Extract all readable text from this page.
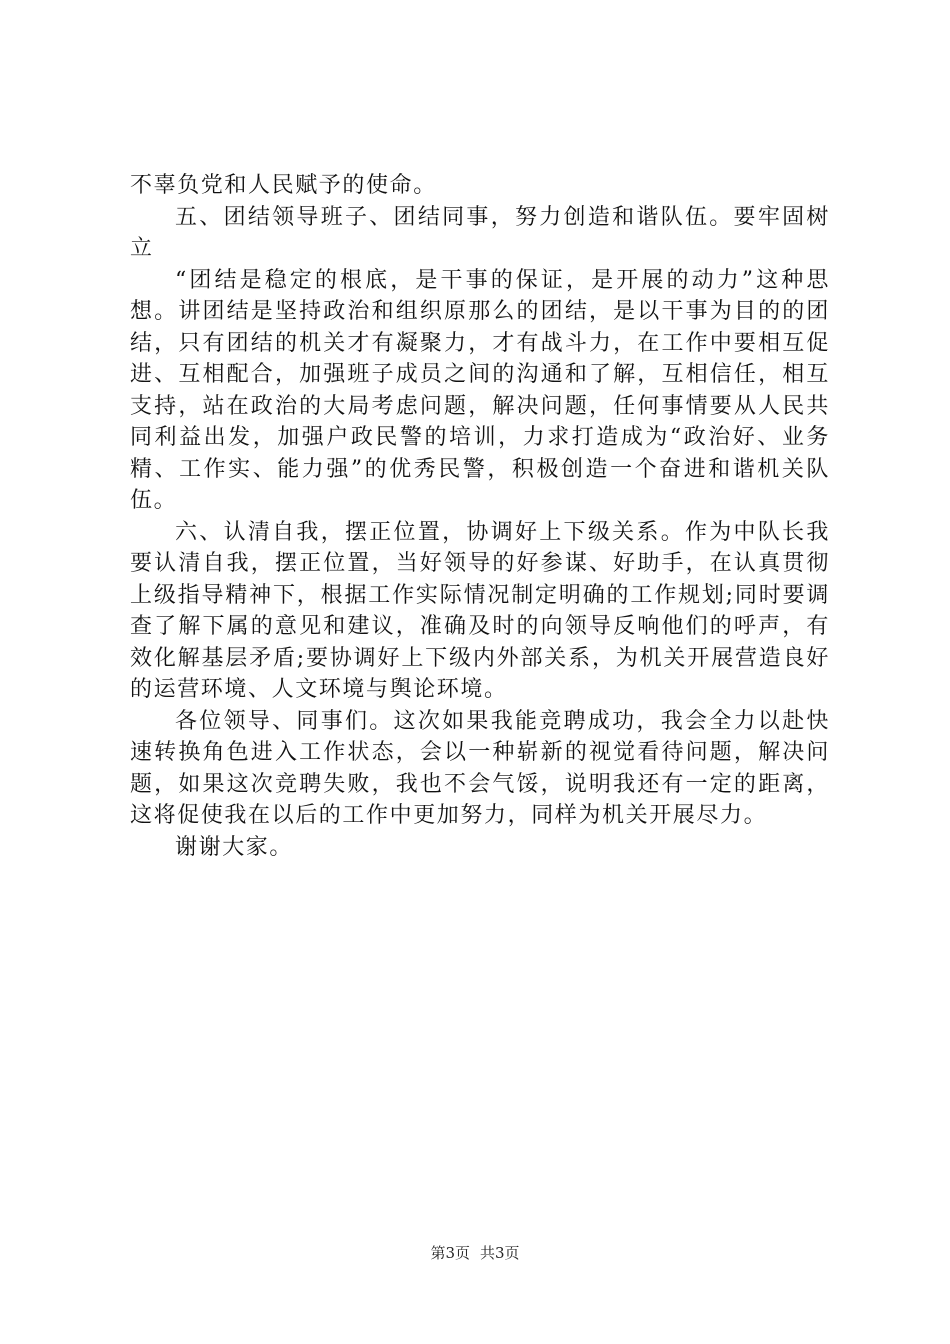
不辜负党和人民赋予的使命。

五、团结领导班子、团结同事，努力创造和谐队伍。要牢固树立

“团结是稳定的根底，是干事的保证，是开展的动力”这种思想。讲团结是坚持政治和组织原那么的团结，是以干事为目的的团结，只有团结的机关才有凝聚力，才有战斗力，在工作中要相互促进、互相配合，加强班子成员之间的沟通和了解，互相信任，相互支持，站在政治的大局考虑问题，解决问题，任何事情要从人民共同利益出发，加强户政民警的培训，力求打造成为“政治好、业务精、工作实、能力强”的优秀民警，积极创造一个奋进和谐机关队伍。

六、认清自我，摆正位置，协调好上下级关系。作为中队长我要认清自我，摆正位置，当好领导的好参谋、好助手，在认真贯彻上级指导精神下，根据工作实际情况制定明确的工作规划;同时要调查了解下属的意见和建议，准确及时的向领导反响他们的呼声，有效化解基层矛盾;要协调好上下级内外部关系，为机关开展营造良好的运营环境、人文环境与舆论环境。

各位领导、同事们。这次如果我能竞聘成功，我会全力以赴快速转换角色进入工作状态，会以一种崭新的视觉看待问题，解决问题，如果这次竞聘失败，我也不会气馁，说明我还有一定的距离，这将促使我在以后的工作中更加努力，同样为机关开展尽力。

谢谢大家。

第3页 共3页
